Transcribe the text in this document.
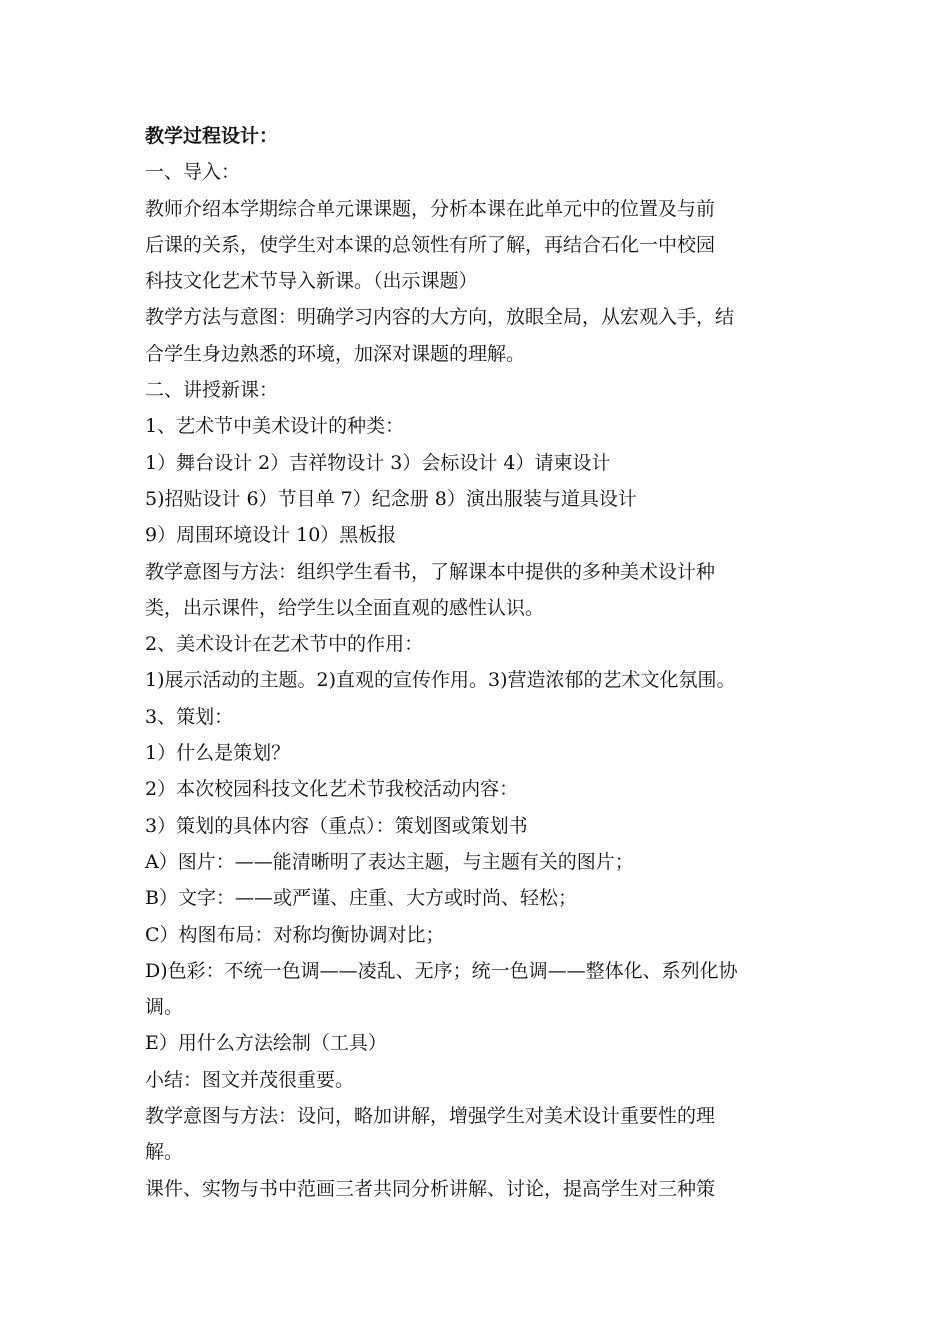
教学过程设计：
一、导入：
教师介绍本学期综合单元课课题，分析本课在此单元中的位置及与前
后课的关系，使学生对本课的总领性有所了解，再结合石化一中校园
科技文化艺术节导入新课。（出示课题）
教学方法与意图：明确学习内容的大方向，放眼全局，从宏观入手，结
合学生身边熟悉的环境，加深对课题的理解。
二、讲授新课：
1、艺术节中美术设计的种类：
1）舞台设计 2）吉祥物设计 3）会标设计 4）请柬设计
5)招贴设计 6）节目单 7）纪念册 8）演出服装与道具设计
9）周围环境设计 10）黑板报
教学意图与方法：组织学生看书，了解课本中提供的多种美术设计种
类，出示课件，给学生以全面直观的感性认识。
2、美术设计在艺术节中的作用：
1)展示活动的主题。2)直观的宣传作用。3)营造浓郁的艺术文化氛围。
3、策划：
1）什么是策划？
2）本次校园科技文化艺术节我校活动内容：
3）策划的具体内容（重点）：策划图或策划书
A）图片：——能清晰明了表达主题，与主题有关的图片；
B）文字：——或严谨、庄重、大方或时尚、轻松；
C）构图布局：对称均衡协调对比；
D)色彩：不统一色调——凌乱、无序；统一色调——整体化、系列化协
调。
E）用什么方法绘制（工具）
小结：图文并茂很重要。
教学意图与方法：设问，略加讲解，增强学生对美术设计重要性的理
解。
课件、实物与书中范画三者共同分析讲解、讨论，提高学生对三种策
